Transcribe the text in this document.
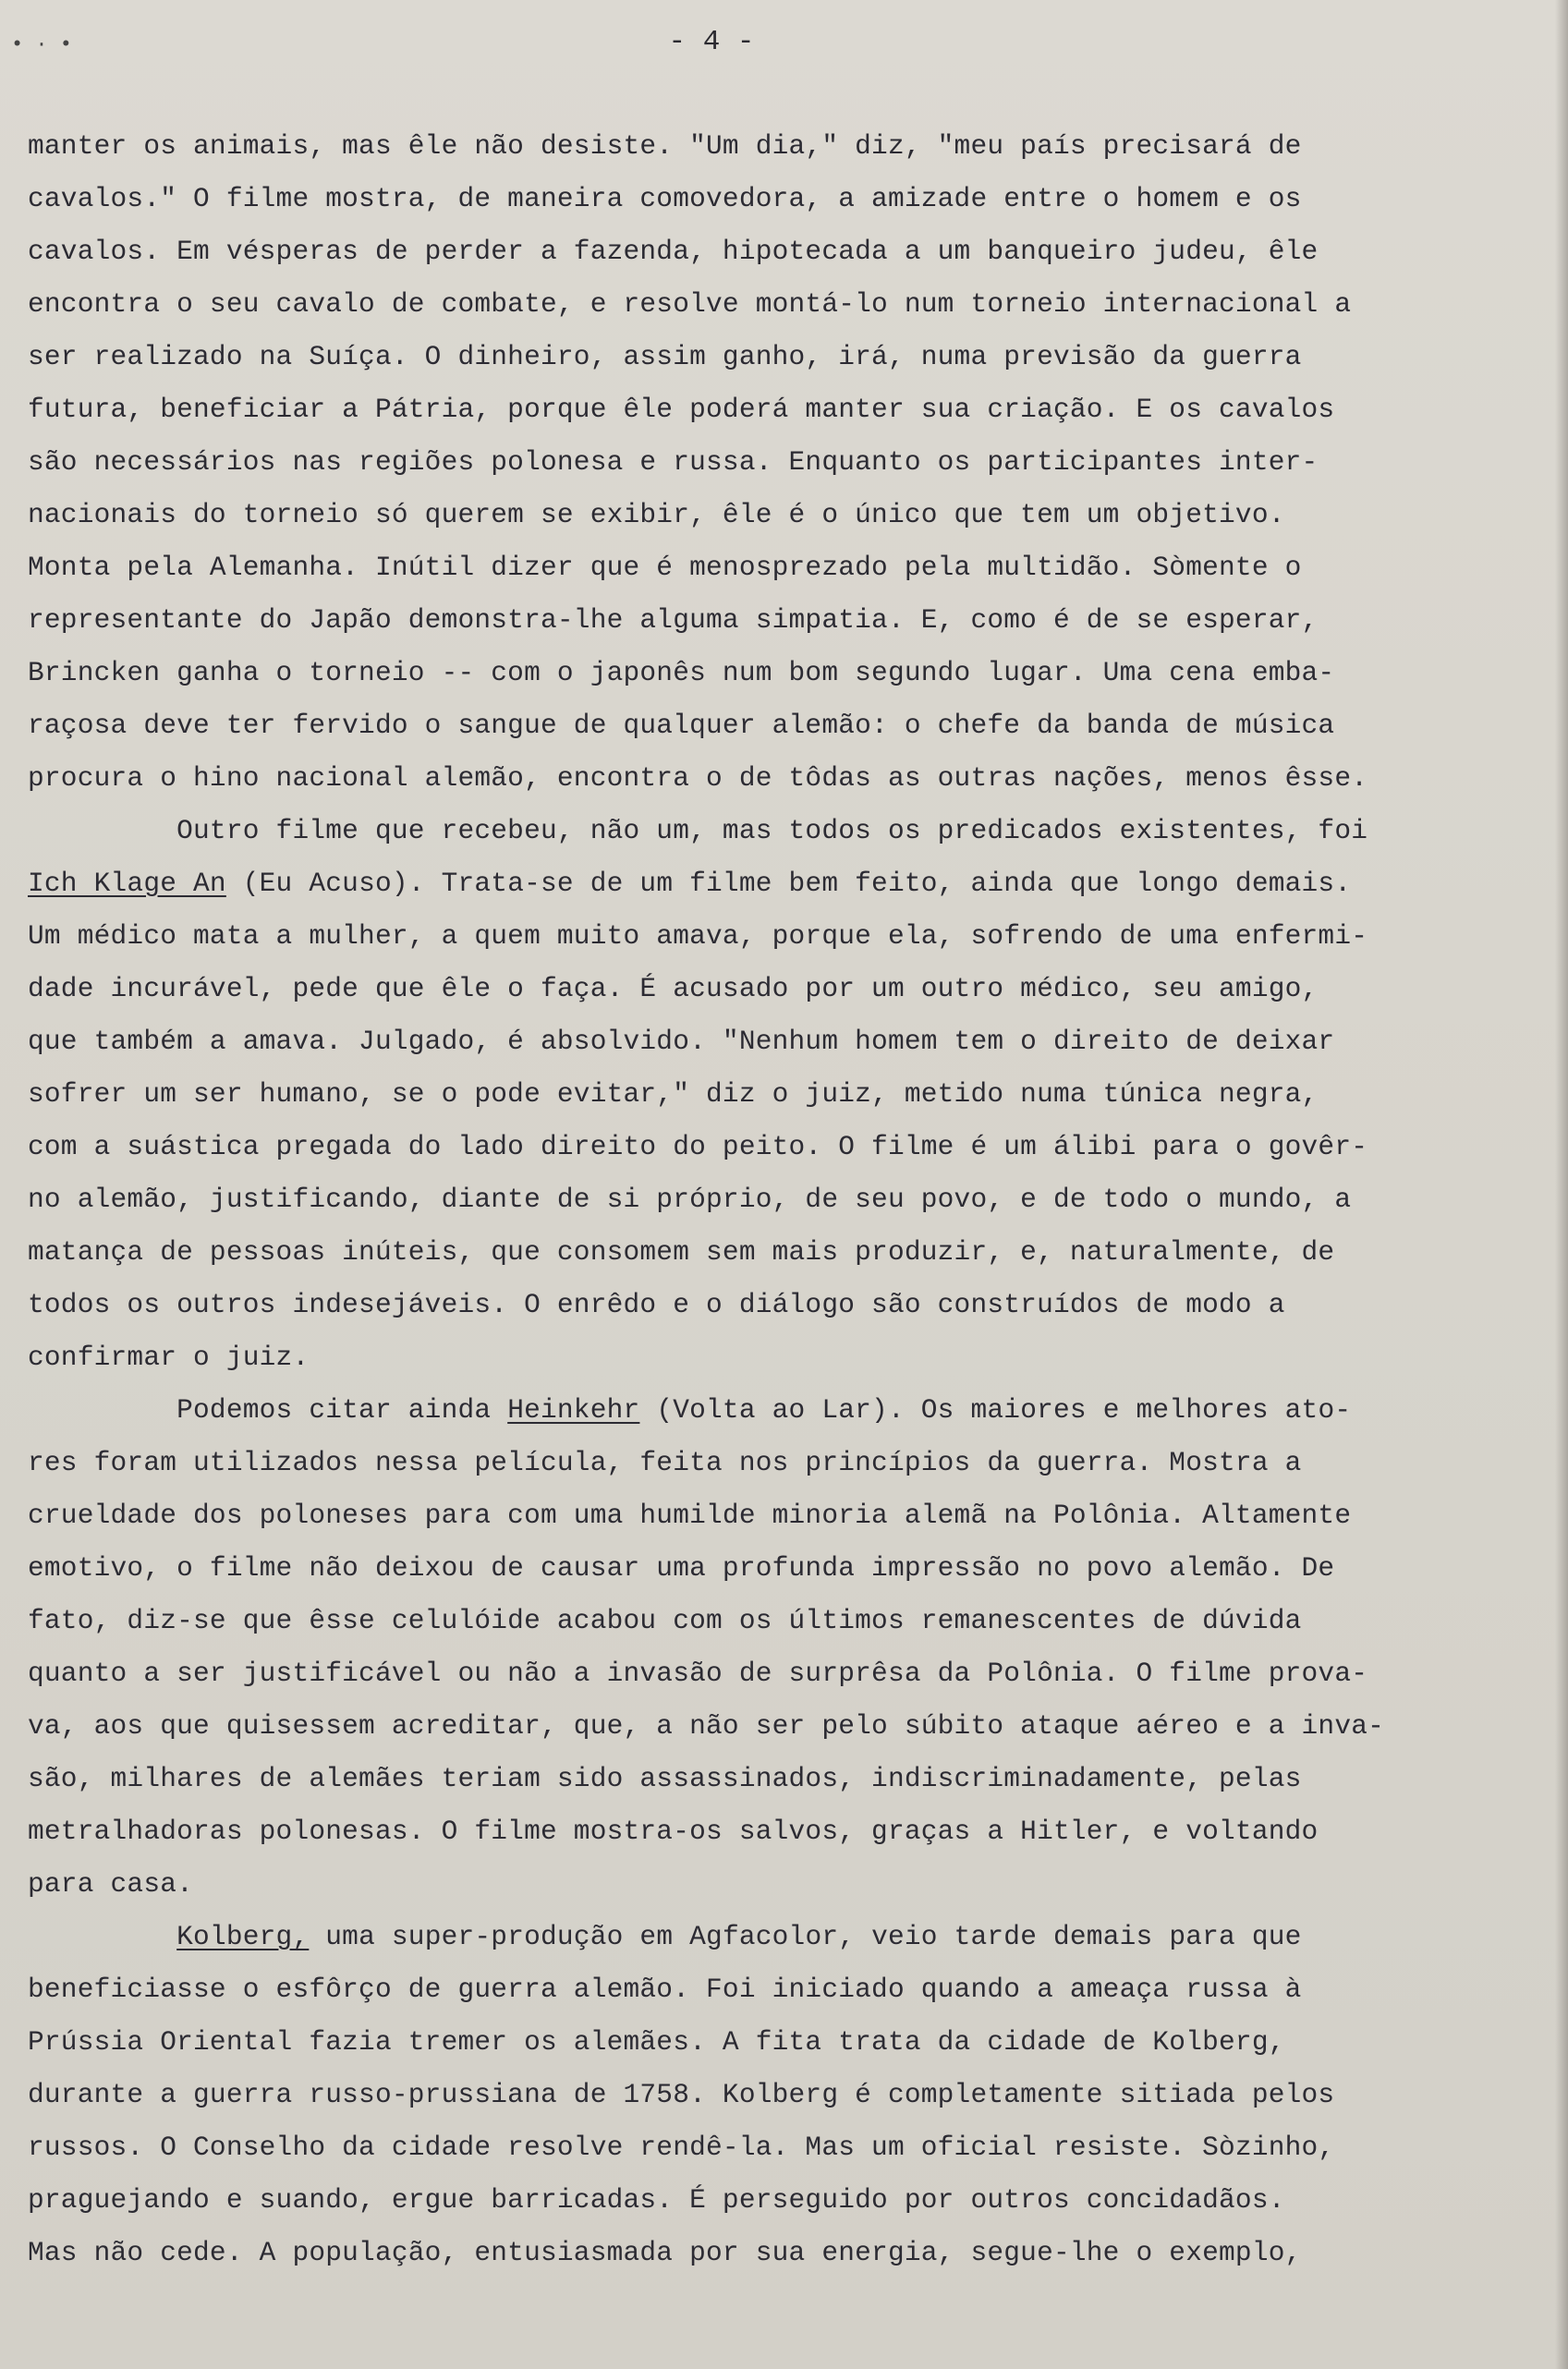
• · •	- 4 -
manter os animais, mas êle não desiste. "Um dia," diz, "meu país precisará de
cavalos." O filme mostra, de maneira comovedora, a amizade entre o homem e os
cavalos. Em vésperas de perder a fazenda, hipotecada a um banqueiro judeu, êle
encontra o seu cavalo de combate, e resolve montá-lo num torneio internacional a
ser realizado na Suíça. O dinheiro, assim ganho, irá, numa previsão da guerra
futura, beneficiar a Pátria, porque êle poderá manter sua criação. E os cavalos
são necessários nas regiões polonesa e russa. Enquanto os participantes inter-
nacionais do torneio só querem se exibir, êle é o único que tem um objetivo.
Monta pela Alemanha. Inútil dizer que é menosprezado pela multidão. Sòmente o
representante do Japão demonstra-lhe alguma simpatia. E, como é de se esperar,
Brincken ganha o torneio -- com o japonês num bom segundo lugar. Uma cena emba-
raçosa deve ter fervido o sangue de qualquer alemão: o chefe da banda de música
procura o hino nacional alemão, encontra o de tôdas as outras nações, menos êsse.
Outro filme que recebeu, não um, mas todos os predicados existentes, foi
Ich Klage An (Eu Acuso). Trata-se de um filme bem feito, ainda que longo demais.
Um médico mata a mulher, a quem muito amava, porque ela, sofrendo de uma enfermi-
dade incurável, pede que êle o faça. É acusado por um outro médico, seu amigo,
que também a amava. Julgado, é absolvido. "Nenhum homem tem o direito de deixar
sofrer um ser humano, se o pode evitar," diz o juiz, metido numa túnica negra,
com a suástica pregada do lado direito do peito. O filme é um álibi para o govêr-
no alemão, justificando, diante de si próprio, de seu povo, e de todo o mundo, a
matança de pessoas inúteis, que consomem sem mais produzir, e, naturalmente, de
todos os outros indesejáveis. O enrêdo e o diálogo são construídos de modo a
confirmar o juiz.
Podemos citar ainda Heinkehr (Volta ao Lar). Os maiores e melhores ato-
res foram utilizados nessa película, feita nos princípios da guerra. Mostra a
crueldade dos poloneses para com uma humilde minoria alemã na Polônia. Altamente
emotivo, o filme não deixou de causar uma profunda impressão no povo alemão. De
fato, diz-se que êsse celulóide acabou com os últimos remanescentes de dúvida
quanto a ser justificável ou não a invasão de surprêsa da Polônia. O filme prova-
va, aos que quisessem acreditar, que, a não ser pelo súbito ataque aéreo e a inva-
são, milhares de alemães teriam sido assassinados, indiscriminadamente, pelas
metralhadoras polonesas. O filme mostra-os salvos, graças a Hitler, e voltando
para casa.
Kolberg, uma super-produção em Agfacolor, veio tarde demais para que
beneficiasse o esfôrço de guerra alemão. Foi iniciado quando a ameaça russa à
Prússia Oriental fazia tremer os alemães. A fita trata da cidade de Kolberg,
durante a guerra russo-prussiana de 1758. Kolberg é completamente sitiada pelos
russos. O Conselho da cidade resolve rendê-la. Mas um oficial resiste. Sòzinho,
praguejando e suando, ergue barricadas. É perseguido por outros concidadãos.
Mas não cede. A população, entusiasmada por sua energia, segue-lhe o exemplo,
